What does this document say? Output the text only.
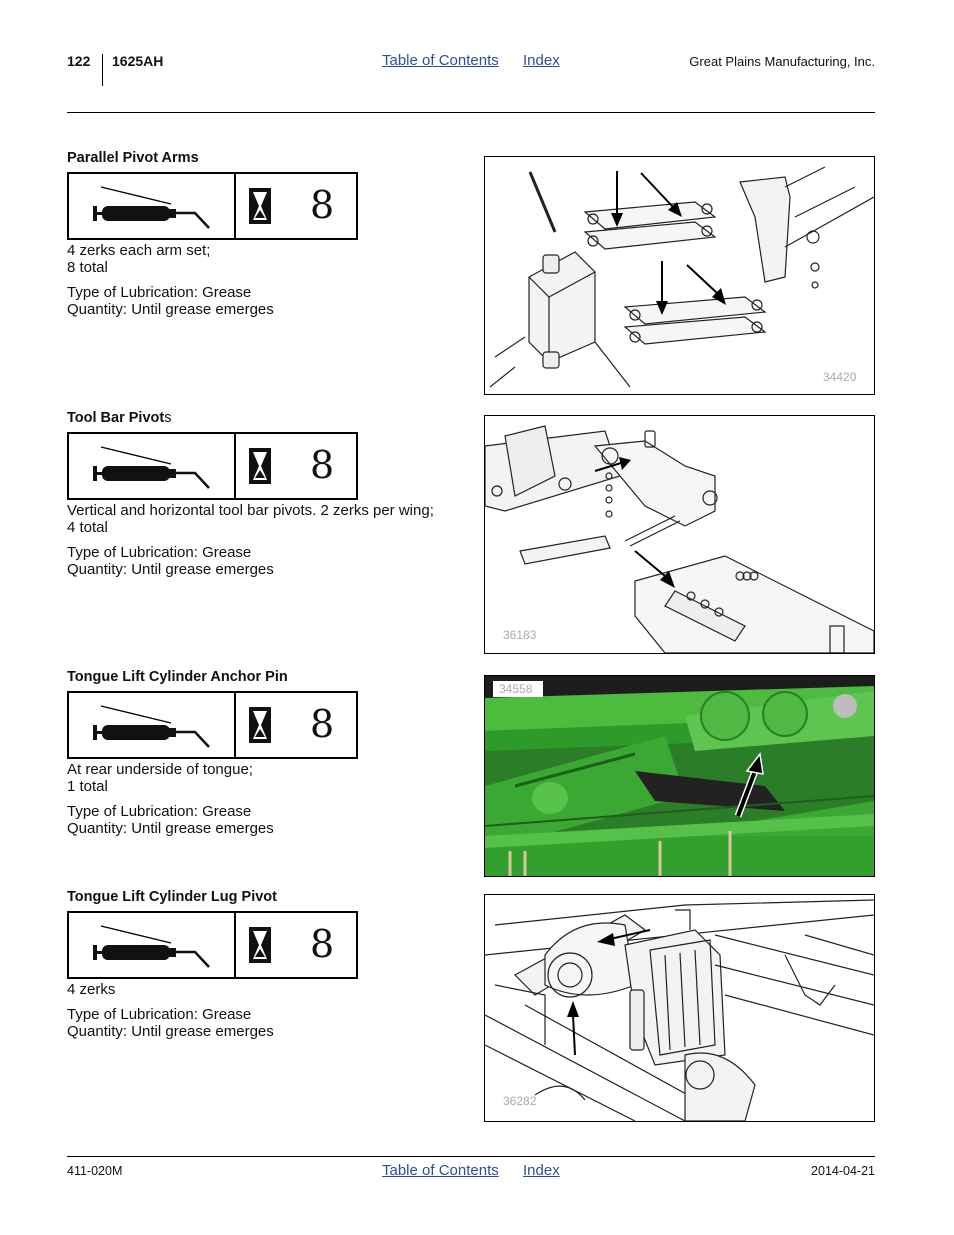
122 1625AH	Table of Contents Index	Great Plains Manufacturing, Inc.
Parallel Pivot Arms
8
4 zerks each arm set;
8 total
Type of Lubrication: Grease
Quantity: Until grease emerges
34420
Tool Bar Pivots
8
Vertical and horizontal tool bar pivots. 2 zerks per wing;
4 total
Type of Lubrication: Grease
Quantity: Until grease emerges
36183
Tongue Lift Cylinder Anchor Pin
8
At rear underside of tongue;
1 total
Type of Lubrication: Grease
Quantity: Until grease emerges
34558
Tongue Lift Cylinder Lug Pivot
8
4 zerks
Type of Lubrication: Grease
Quantity: Until grease emerges
36282
411-020M	Table of Contents Index	2014-04-21
